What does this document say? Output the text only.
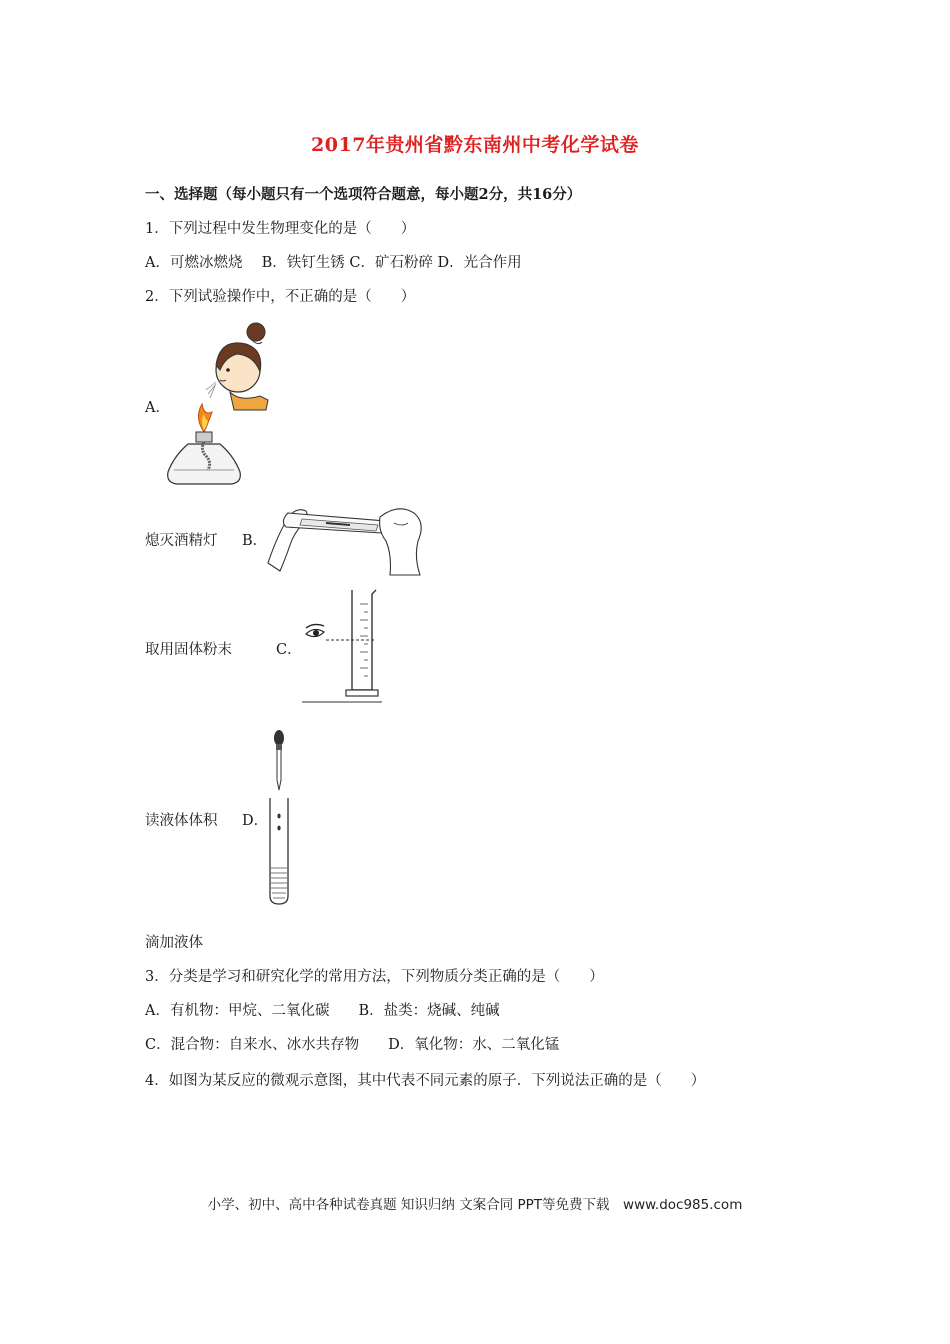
2017年贵州省黔东南州中考化学试卷
一、选择题（每小题只有一个选项符合题意，每小题2分，共16分）
1．下列过程中发生物理变化的是（　　）
A．可燃冰燃烧　 B．铁钉生锈 C．矿石粉碎 D．光合作用
2．下列试验操作中，不正确的是（　　）
A．
熄灭酒精灯 B．
取用固体粉末	C．
读液体体积 D．
滴加液体
3．分类是学习和研究化学的常用方法，下列物质分类正确的是（　　）
A．有机物：甲烷、二氧化碳　　B．盐类：烧碱、纯碱
C．混合物：自来水、冰水共存物　　D．氧化物：水、二氧化锰
4．如图为某反应的微观示意图，其中代表不同元素的原子．下列说法正确的是（　　）
小学、初中、高中各种试卷真题 知识归纳 文案合同 PPT等免费下载　www.doc985.com
